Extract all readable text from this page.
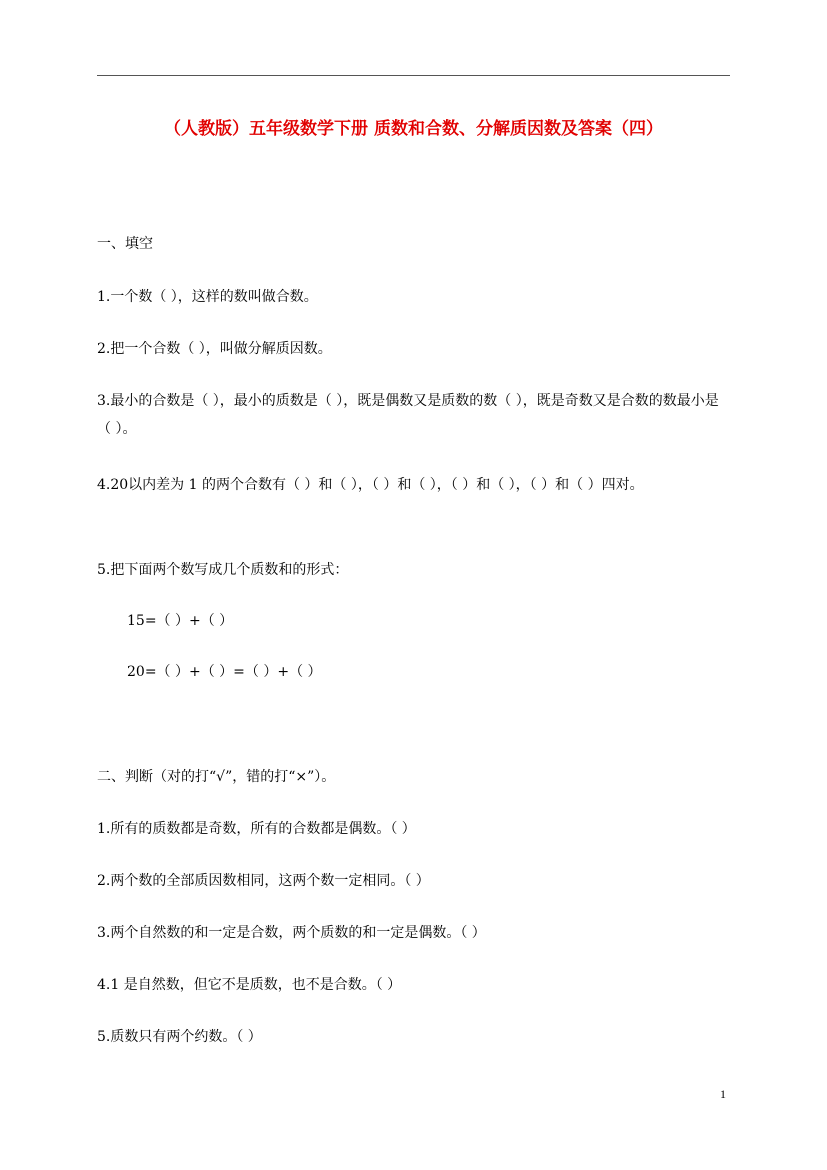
（人教版）五年级数学下册 质数和合数、分解质因数及答案（四）
一、填空
1.一个数（ ），这样的数叫做合数。
2.把一个合数（ ），叫做分解质因数。
3.最小的合数是（ ），最小的质数是（ ），既是偶数又是质数的数（ ），既是奇数又是合数的数最小是（ ）。
4.20以内差为 1 的两个合数有（ ）和（ ），（ ）和（ ），（ ）和（ ），（ ）和（ ）四对。
5.把下面两个数写成几个质数和的形式：
15=（ ）+（ ）
20=（ ）+（ ）=（ ）+（ ）
二、判断（对的打“√”，错的打“×”）。
1.所有的质数都是奇数，所有的合数都是偶数。（ ）
2.两个数的全部质因数相同，这两个数一定相同。（ ）
3.两个自然数的和一定是合数，两个质数的和一定是偶数。（ ）
4.1 是自然数，但它不是质数，也不是合数。（ ）
5.质数只有两个约数。（ ）
1
